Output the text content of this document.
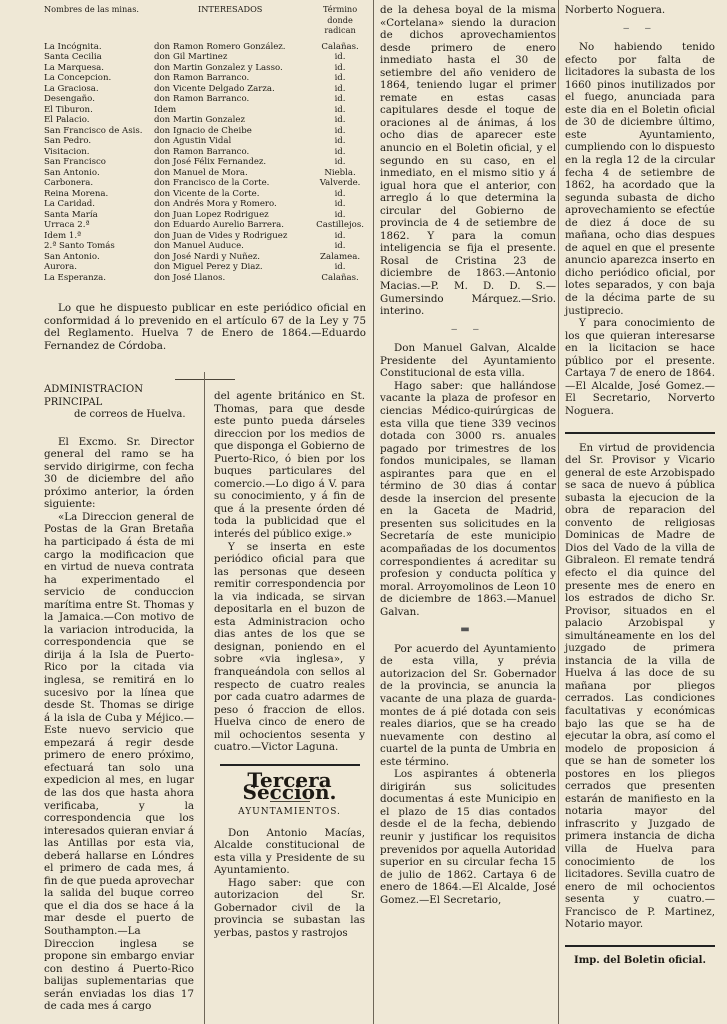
Nombres de las minas.	INTERESADOS	Término donde radican
La Incógnita.	don Ramon Romero González.	Calañas.
Santa Cecilia	don Gil Martinez	id.
La Marquesa.	don Martin Gonzalez y Lasso.	id.
La Concepcion.	don Ramon Barranco.	id.
La Graciosa.	don Vicente Delgado Zarza.	id.
Desengaño.	don Ramon Barranco.	id.
El Tiburon.	Idem	id.
El Palacio.	don Martin Gonzalez	id.
San Francisco de Asis.	don Ignacio de Cheibe	id.
San Pedro.	don Agustin Vidal	id.
Visitacion.	don Ramon Barranco.	id.
San Francisco	don José Félix Fernandez.	id.
San Antonio.	don Manuel de Mora.	Niebla.
Carbonera.	don Francisco de la Corte.	Valverde.
Reina Morena.	don Vicente de la Corte.	id.
La Caridad.	don Andrés Mora y Romero.	id.
Santa María	don Juan Lopez Rodriguez	id.
Urraca 2.ª	don Eduardo Aurelio Barrera.	Castillejos.
Idem 1.ª	don Juan de Vides y Rodriguez	id.
2.ª Santo Tomás	don Manuel Auduce.	id.
San Antonio.	don José Nardi y Nuñez.	Zalamea.
Aurora.	don Miguel Perez y Diaz.	id.
La Esperanza.	don José Llanos.	Calañas.

Lo que he dispuesto publicar en este periódico oficial en conformidad á lo prevenido en el artículo 67 de la Ley y 75 del Reglamento. Huelva 7 de Enero de 1864.—Eduardo Fernandez de Córdoba.

ADMINISTRACION PRINCIPAL
de correos de Huelva.

El Excmo. Sr. Director general del ramo se ha servido dirigirme, con fecha 30 de diciembre del año próximo anterior, la órden siguiente:

«La Direccion general de Postas de la Gran Bretaña ha participado á ésta de mi cargo la modificacion que en virtud de nueva contrata ha experimentado el servicio de conduccion marítima entre St. Thomas y la Jamaica.—Con motivo de la variacion introducida, la correspondencia que se dirija á la Isla de Puerto-Rico por la citada via inglesa, se remitirá en lo sucesivo por la línea que desde St. Thomas se dirige á la isla de Cuba y Méjico.—Este nuevo servicio que empezará á regir desde primero de enero próximo, efectuará tan solo una expedicion al mes, en lugar de las dos que hasta ahora verificaba, y la correspondencia que los interesados quieran enviar á las Antillas por esta via, deberá hallarse en Lóndres el primero de cada mes, á fin de que pueda aprovechar la salida del buque correo que el dia dos se hace á la mar desde el puerto de Southampton.—La Direccion inglesa se propone sin embargo enviar con destino á Puerto-Rico balijas suplementarias que serán enviadas los dias 17 de cada mes á cargo

del agente británico en St. Thomas, para que desde este punto pueda dárseles direccion por los medios de que disponga el Gobierno de Puerto-Rico, ó bien por los buques particulares del comercio.—Lo digo á V. para su conocimiento, y á fin de que á la presente órden dé toda la publicidad que el interés del público exige.»

Y se inserta en este periódico oficial para que las personas que deseen remitir correspondencia por la via indicada, se sirvan depositarla en el buzon de esta Administracion ocho dias antes de los que se designan, poniendo en el sobre «via inglesa», y franqueándola con sellos al respecto de cuatro reales por cada cuatro adarmes de peso ó fraccion de ellos. Huelva cinco de enero de mil ochocientos sesenta y cuatro.—Victor Laguna.

Tercera Seccion.
AYUNTAMIENTOS.

Don Antonio Macías, Alcalde constitucional de esta villa y Presidente de su Ayuntamiento.

Hago saber: que con autorizacion del Sr. Gobernador civil de la provincia se subastan las yerbas, pastos y rastrojos

de la dehesa boyal de la misma «Cortelana» siendo la duracion de dichos aprovechamientos desde primero de enero inmediato hasta el 30 de setiembre del año venidero de 1864, teniendo lugar el primer remate en estas casas capitulares desde el toque de oraciones al de ánimas, á los ocho dias de aparecer este anuncio en el Boletin oficial, y el segundo en su caso, en el inmediato, en el mismo sitio y á igual hora que el anterior, con arreglo á lo que determina la circular del Gobierno de provincia de 4 de setiembre de 1862. Y para la comun inteligencia se fija el presente. Rosal de Cristina 23 de diciembre de 1863.—Antonio Macias.—P. M. D. D. S.—Gumersindo Márquez.—Srio. interino.

‒ ‒

Don Manuel Galvan, Alcalde Presidente del Ayuntamiento Constitucional de esta villa.

Hago saber: que hallándose vacante la plaza de profesor en ciencias Médico-quirúrgicas de esta villa que tiene 339 vecinos dotada con 3000 rs. anuales pagado por trimestres de los fondos municipales, se llaman aspirantes para que en el término de 30 dias á contar desde la insercion del presente en la Gaceta de Madrid, presenten sus solicitudes en la Secretaría de este municipio acompañadas de los documentos correspondientes á acreditar su profesion y conducta política y moral. Arroyomolinos de Leon 10 de diciembre de 1863.—Manuel Galvan.

▬

Por acuerdo del Ayuntamiento de esta villa, y prévia autorizacion del Sr. Gobernador de la provincia, se anuncia la vacante de una plaza de guarda-montes de á pié dotada con seis reales diarios, que se ha creado nuevamente con destino al cuartel de la punta de Umbria en este término.

Los aspirantes á obtenerla dirigirán sus solicitudes documentas á este Municipio en el plazo de 15 dias contados desde el de la fecha, debiendo reunir y justificar los requisitos prevenidos por aquella Autoridad superior en su circular fecha 15 de julio de 1862. Cartaya 6 de enero de 1864.—El Alcalde, José Gomez.—El Secretario,

Norberto Noguera.

‒ ‒

No habiendo tenido efecto por falta de licitadores la subasta de los 1660 pinos inutilizados por el fuego, anunciada para este dia en el Boletin oficial de 30 de diciembre último, este Ayuntamiento, cumpliendo con lo dispuesto en la regla 12 de la circular fecha 4 de setiembre de 1862, ha acordado que la segunda subasta de dicho aprovechamiento se efectúe de diez á doce de su mañana, ocho dias despues de aquel en que el presente anuncio aparezca inserto en dicho periódico oficial, por lotes separados, y con baja de la décima parte de su justiprecio.

Y para conocimiento de los que quieran interesarse en la licitacion se hace público por el presente. Cartaya 7 de enero de 1864.—El Alcalde, José Gomez.—El Secretario, Norverto Noguera.

En virtud de providencia del Sr. Provisor y Vicario general de este Arzobispado se saca de nuevo á pública subasta la ejecucion de la obra de reparacion del convento de religiosas Dominicas de Madre de Dios del Vado de la villa de Gibraleon. El remate tendrá efecto el dia quince del presente mes de enero en los estrados de dicho Sr. Provisor, situados en el palacio Arzobispal y simultáneamente en los del juzgado de primera instancia de la villa de Huelva á las doce de su mañana por pliegos cerrados. Las condiciones facultativas y económicas bajo las que se ha de ejecutar la obra, así como el modelo de proposicion á que se han de someter los postores en los pliegos cerrados que presenten estarán de manifiesto en la notaria mayor del infrascrito y Juzgado de primera instancia de dicha villa de Huelva para conocimiento de los licitadores. Sevilla cuatro de enero de mil ochocientos sesenta y cuatro.—Francisco de P. Martinez, Notario mayor.

Imp. del Boletin oficial.
